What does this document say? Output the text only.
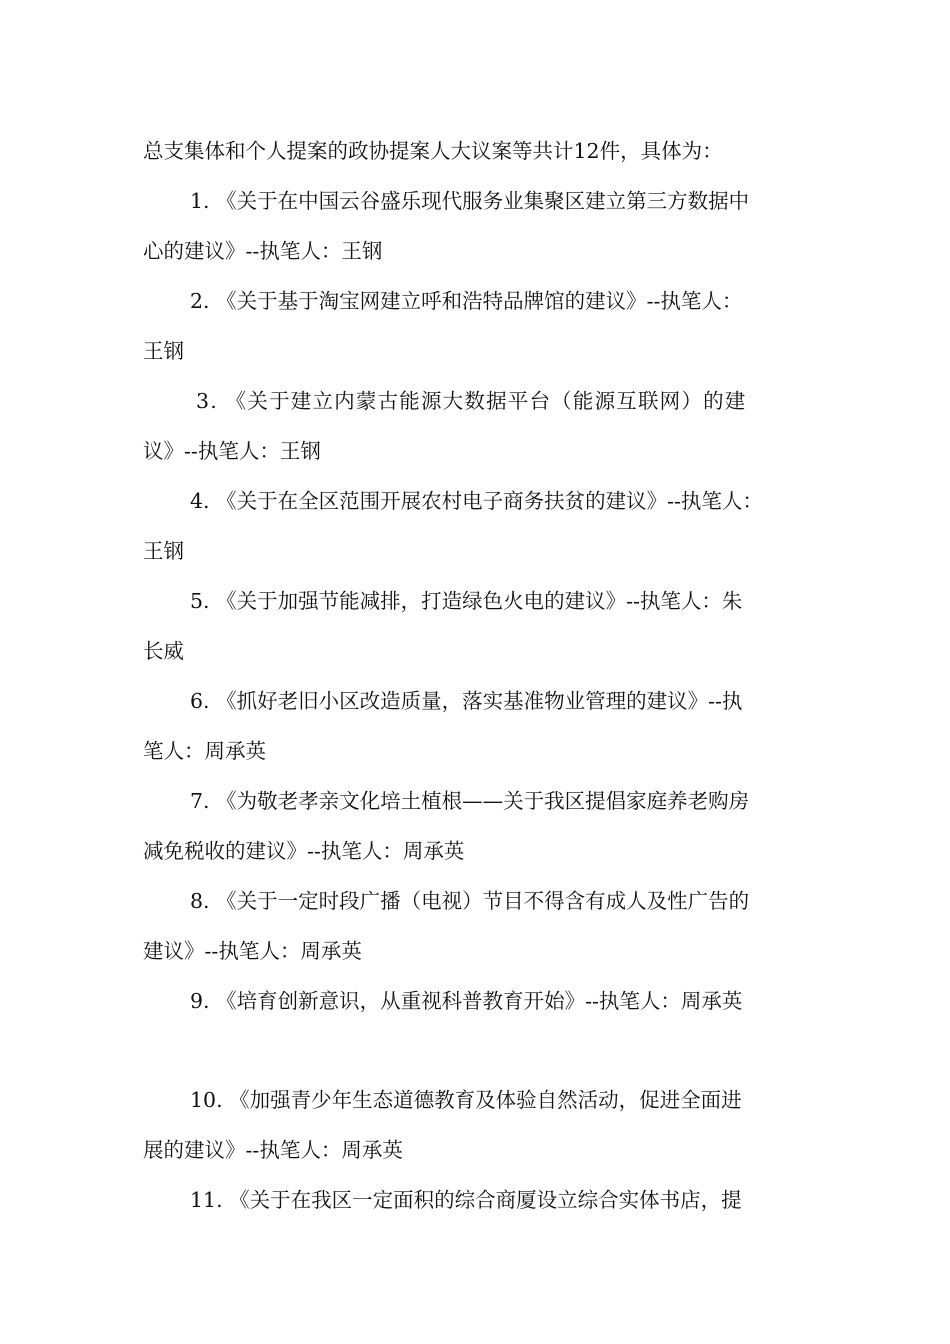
总支集体和个人提案的政协提案人大议案等共计12件，具体为：

1. 《关于在中国云谷盛乐现代服务业集聚区建立第三方数据中

心的建议》--执笔人：王钢

2. 《关于基于淘宝网建立呼和浩特品牌馆的建议》--执笔人：

王钢

3. 《关于建立内蒙古能源大数据平台（能源互联网）的建

议》--执笔人：王钢

4. 《关于在全区范围开展农村电子商务扶贫的建议》--执笔人：

王钢

5. 《关于加强节能减排，打造绿色火电的建议》--执笔人：朱

长威

6. 《抓好老旧小区改造质量，落实基准物业管理的建议》--执

笔人：周承英

7. 《为敬老孝亲文化培土植根——关于我区提倡家庭养老购房

减免税收的建议》--执笔人：周承英

8. 《关于一定时段广播（电视）节目不得含有成人及性广告的

建议》--执笔人：周承英

9. 《培育创新意识，从重视科普教育开始》--执笔人：周承英

10. 《加强青少年生态道德教育及体验自然活动，促进全面进

展的建议》--执笔人：周承英

11. 《关于在我区一定面积的综合商厦设立综合实体书店，提
